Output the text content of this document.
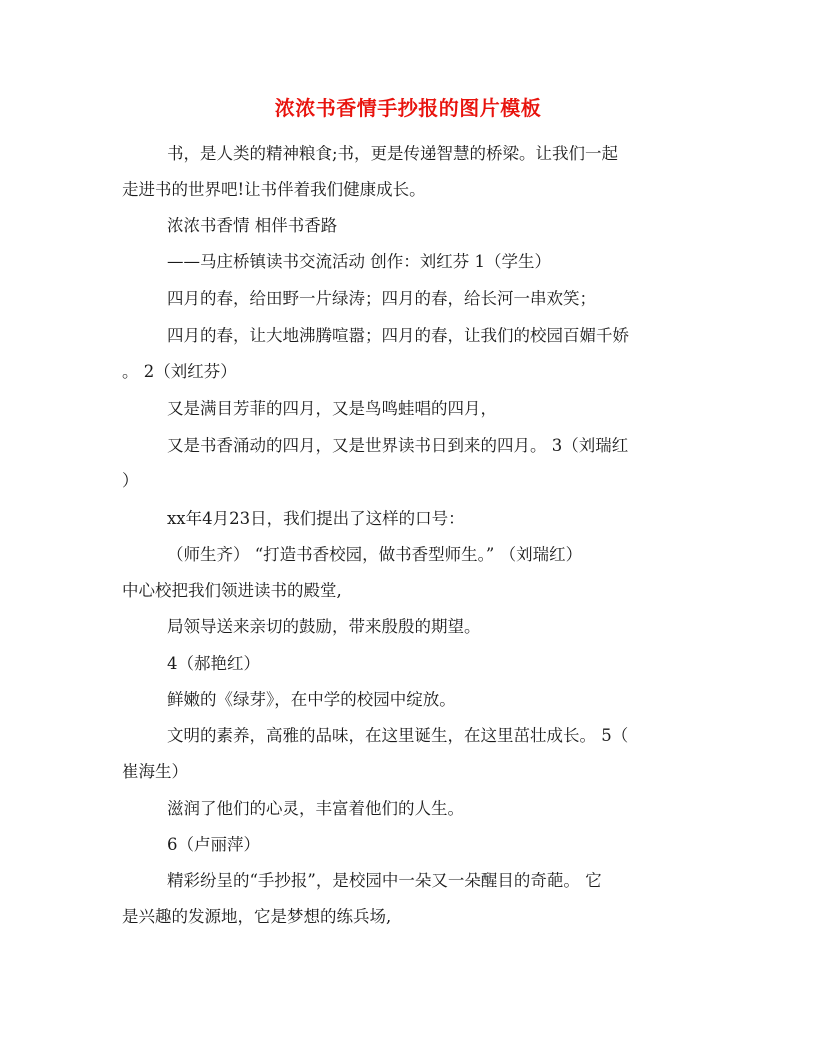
浓浓书香情手抄报的图片模板
书，是人类的精神粮食;书，更是传递智慧的桥梁。让我们一起
走进书的世界吧!让书伴着我们健康成长。
浓浓书香情 相伴书香路
——马庄桥镇读书交流活动 创作：刘红芬 1（学生）
四月的春，给田野一片绿涛；四月的春，给长河一串欢笑；
四月的春，让大地沸腾喧嚣；四月的春，让我们的校园百媚千娇
。 2（刘红芬）
又是满目芳菲的四月，又是鸟鸣蛙唱的四月，
又是书香涌动的四月，又是世界读书日到来的四月。 3（刘瑞红
）
xx年4月23日，我们提出了这样的口号：
（师生齐） “打造书香校园，做书香型师生。” （刘瑞红）
中心校把我们领进读书的殿堂,
局领导送来亲切的鼓励，带来殷殷的期望。
4（郝艳红）
鲜嫩的《绿芽》，在中学的校园中绽放。
文明的素养，高雅的品味，在这里诞生，在这里茁壮成长。 5（
崔海生）
滋润了他们的心灵，丰富着他们的人生。
6（卢丽萍）
精彩纷呈的“手抄报”，是校园中一朵又一朵醒目的奇葩。 它
是兴趣的发源地，它是梦想的练兵场,
